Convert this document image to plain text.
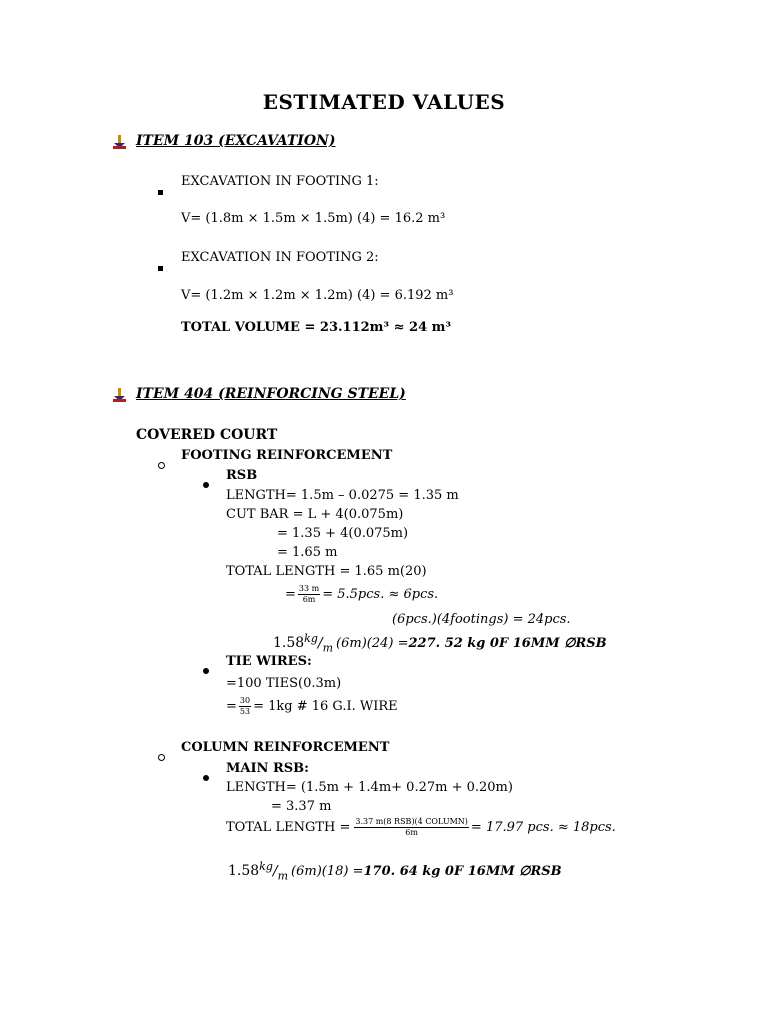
ESTIMATED VALUES
ITEM 103 (EXCAVATION)
EXCAVATION IN FOOTING 1:
V= (1.8m × 1.5m × 1.5m) (4) = 16.2 m³
EXCAVATION IN FOOTING 2:
V= (1.2m × 1.2m × 1.2m) (4) = 6.192 m³
TOTAL VOLUME = 23.112m³ ≈ 24 m³
ITEM 404 (REINFORCING STEEL)
COVERED COURT
FOOTING REINFORCEMENT
RSB
LENGTH= 1.5m – 0.0275 = 1.35 m
CUT BAR = L + 4(0.075m)
= 1.35 + 4(0.075m)
= 1.65 m
TOTAL LENGTH = 1.65 m(20)
= $\frac{33 m}{6m} = 5.5pcs$. ≈ 6pcs.
(6pcs.)(4footings) = 24pcs.
1.58 $^{kg}/_m$ (6m)(24) = 227. 52 kg 0F 16MM ∅RSB
TIE WIRES:
=100 TIES(0.3m)
= $\frac{30}{53} = 1kg$ # 16 G.I. WIRE
COLUMN REINFORCEMENT
MAIN RSB:
LENGTH= (1.5m + 1.4m+ 0.27m + 0.20m)
= 3.37 m
TOTAL LENGTH = $\frac{\text{3.37 m(8 RSB)(4 COLUMN)}}{6m} = 17.97$ pcs. ≈ 18pcs.
1.58 $^{kg}/_m$ (6m)(18) = 170. 64 kg 0F 16MM ∅RSB
